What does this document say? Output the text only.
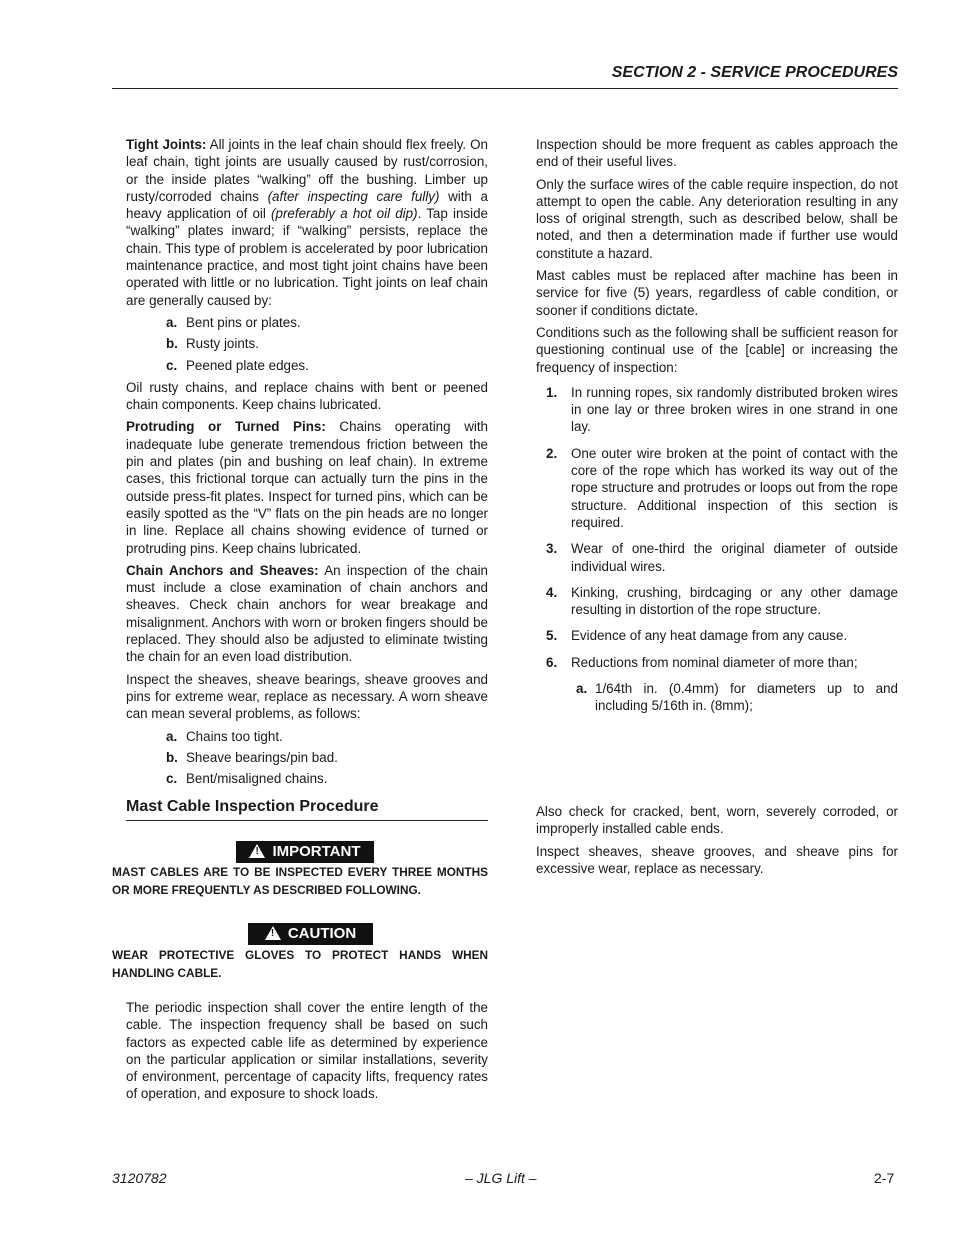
SECTION 2 - SERVICE PROCEDURES

Tight Joints: All joints in the leaf chain should flex freely. On leaf chain, tight joints are usually caused by rust/corrosion, or the inside plates “walking” off the bushing. Limber up rusty/corroded chains (after inspecting care fully) with a heavy application of oil (preferably a hot oil dip). Tap inside “walking” plates inward; if “walking” persists, replace the chain. This type of problem is accelerated by poor lubrication maintenance practice, and most tight joint chains have been operated with little or no lubrication. Tight joints on leaf chain are generally caused by:

a. Bent pins or plates.
b. Rusty joints.
c. Peened plate edges.

Oil rusty chains, and replace chains with bent or peened chain components. Keep chains lubricated.

Protruding or Turned Pins: Chains operating with inadequate lube generate tremendous friction between the pin and plates (pin and bushing on leaf chain). In extreme cases, this frictional torque can actually turn the pins in the outside press-fit plates. Inspect for turned pins, which can be easily spotted as the “V” flats on the pin heads are no longer in line. Replace all chains showing evidence of turned or protruding pins. Keep chains lubricated.

Chain Anchors and Sheaves: An inspection of the chain must include a close examination of chain anchors and sheaves. Check chain anchors for wear breakage and misalignment. Anchors with worn or broken fingers should be replaced. They should also be adjusted to eliminate twisting the chain for an even load distribution.

Inspect the sheaves, sheave bearings, sheave grooves and pins for extreme wear, replace as necessary. A worn sheave can mean several problems, as follows:

a. Chains too tight.
b. Sheave bearings/pin bad.
c. Bent/misaligned chains.
Mast Cable Inspection Procedure
! IMPORTANT
MAST CABLES ARE TO BE INSPECTED EVERY THREE MONTHS OR MORE FREQUENTLY AS DESCRIBED FOLLOWING.
! CAUTION
WEAR PROTECTIVE GLOVES TO PROTECT HANDS WHEN HANDLING CABLE.

The periodic inspection shall cover the entire length of the cable. The inspection frequency shall be based on such factors as expected cable life as determined by experience on the particular application or similar installations, severity of environment, percentage of capacity lifts, frequency rates of operation, and exposure to shock loads.

Inspection should be more frequent as cables approach the end of their useful lives.

Only the surface wires of the cable require inspection, do not attempt to open the cable. Any deterioration resulting in any loss of original strength, such as described below, shall be noted, and then a determination made if further use would constitute a hazard.

Mast cables must be replaced after machine has been in service for five (5) years, regardless of cable condition, or sooner if conditions dictate.

Conditions such as the following shall be sufficient reason for questioning continual use of the [cable] or increasing the frequency of inspection:

1. In running ropes, six randomly distributed broken wires in one lay or three broken wires in one strand in one lay.
2. One outer wire broken at the point of contact with the core of the rope which has worked its way out of the rope structure and protrudes or loops out from the rope structure. Additional inspection of this section is required.
3. Wear of one-third the original diameter of outside individual wires.
4. Kinking, crushing, birdcaging or any other damage resulting in distortion of the rope structure.
5. Evidence of any heat damage from any cause.
6. Reductions from nominal diameter of more than;
a. 1/64th in. (0.4mm) for diameters up to and including 5/16th in. (8mm);

Also check for cracked, bent, worn, severely corroded, or improperly installed cable ends.

Inspect sheaves, sheave grooves, and sheave pins for excessive wear, replace as necessary.

3120782	– JLG Lift –	2-7
